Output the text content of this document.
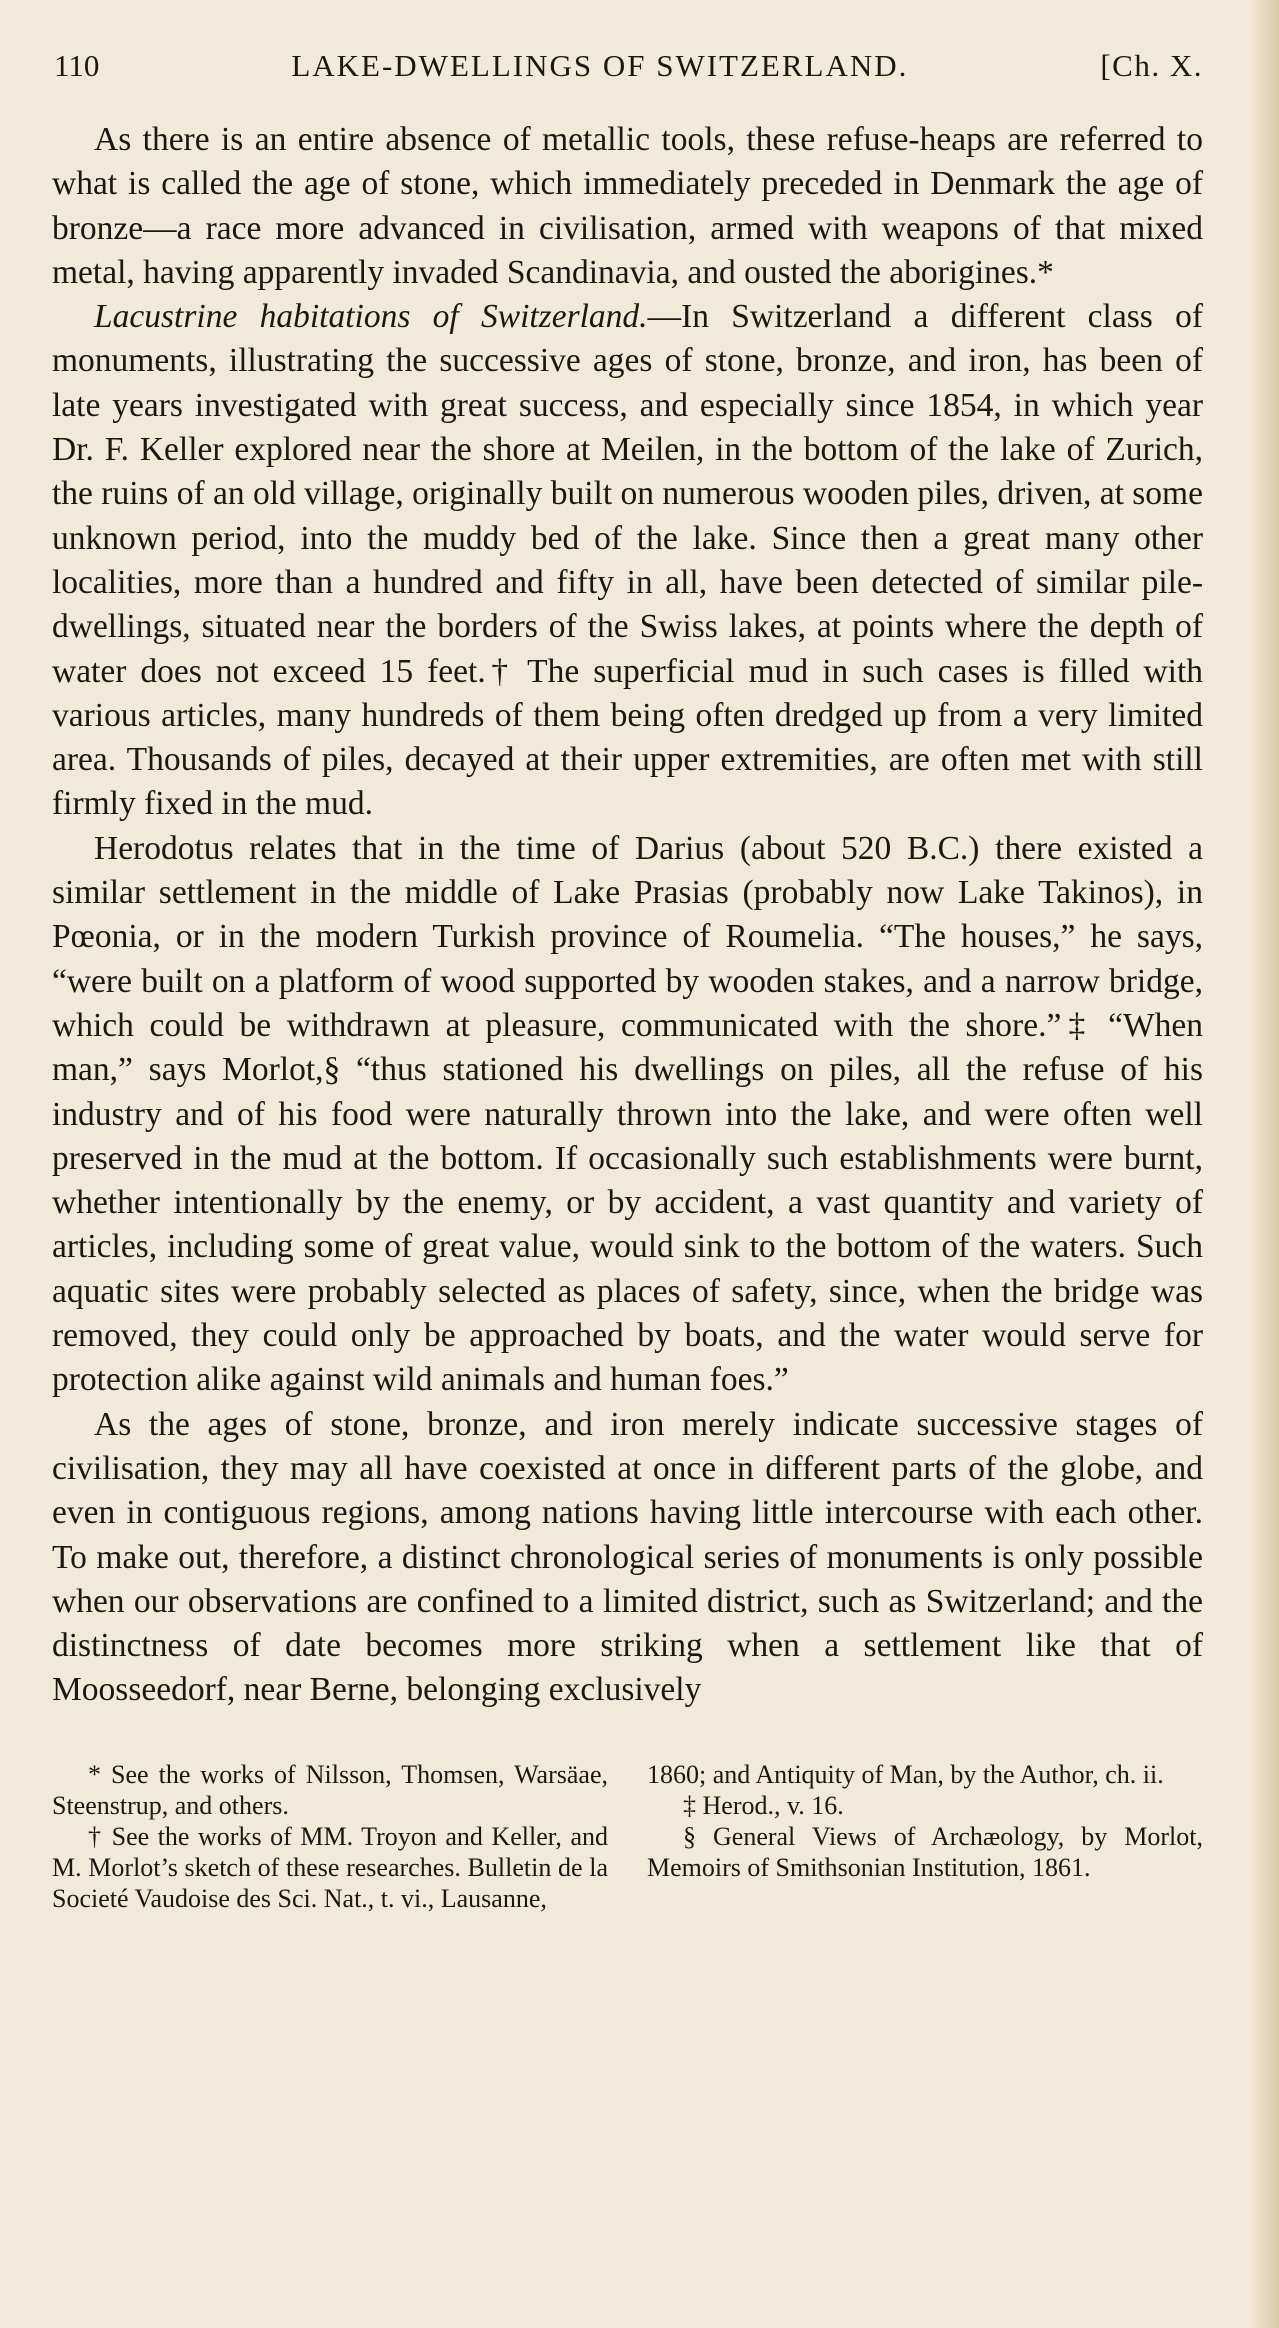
110	LAKE-DWELLINGS OF SWITZERLAND.	[Ch. X.

As there is an entire absence of metallic tools, these refuse-heaps are referred to what is called the age of stone, which immediately preceded in Denmark the age of bronze—a race more advanced in civilisation, armed with weapons of that mixed metal, having apparently invaded Scandinavia, and ousted the aborigines.*

Lacustrine habitations of Switzerland.—In Switzerland a different class of monuments, illustrating the successive ages of stone, bronze, and iron, has been of late years investigated with great success, and especially since 1854, in which year Dr. F. Keller explored near the shore at Meilen, in the bottom of the lake of Zurich, the ruins of an old village, originally built on numerous wooden piles, driven, at some unknown period, into the muddy bed of the lake. Since then a great many other localities, more than a hundred and fifty in all, have been detected of similar pile-dwellings, situated near the borders of the Swiss lakes, at points where the depth of water does not exceed 15 feet.† The superficial mud in such cases is filled with various articles, many hundreds of them being often dredged up from a very limited area. Thousands of piles, decayed at their upper extremities, are often met with still firmly fixed in the mud.

Herodotus relates that in the time of Darius (about 520 B.C.) there existed a similar settlement in the middle of Lake Prasias (probably now Lake Takinos), in Pœonia, or in the modern Turkish province of Roumelia. “The houses,” he says, “were built on a platform of wood supported by wooden stakes, and a narrow bridge, which could be withdrawn at pleasure, communicated with the shore.”‡ “When man,” says Morlot,§ “thus stationed his dwellings on piles, all the refuse of his industry and of his food were naturally thrown into the lake, and were often well preserved in the mud at the bottom. If occasionally such establishments were burnt, whether intentionally by the enemy, or by accident, a vast quantity and variety of articles, including some of great value, would sink to the bottom of the waters. Such aquatic sites were probably selected as places of safety, since, when the bridge was removed, they could only be approached by boats, and the water would serve for protection alike against wild animals and human foes.”

As the ages of stone, bronze, and iron merely indicate successive stages of civilisation, they may all have coexisted at once in different parts of the globe, and even in contiguous regions, among nations having little intercourse with each other. To make out, therefore, a distinct chronological series of monuments is only possible when our observations are confined to a limited district, such as Switzerland; and the distinctness of date becomes more striking when a settlement like that of Moosseedorf, near Berne, belonging exclusively

* See the works of Nilsson, Thomsen, Warsäae, Steenstrup, and others.

† See the works of MM. Troyon and Keller, and M. Morlot’s sketch of these researches. Bulletin de la Societé Vaudoise des Sci. Nat., t. vi., Lausanne,

1860; and Antiquity of Man, by the Author, ch. ii.

‡ Herod., v. 16.

§ General Views of Archæology, by Morlot, Memoirs of Smithsonian Institution, 1861.
